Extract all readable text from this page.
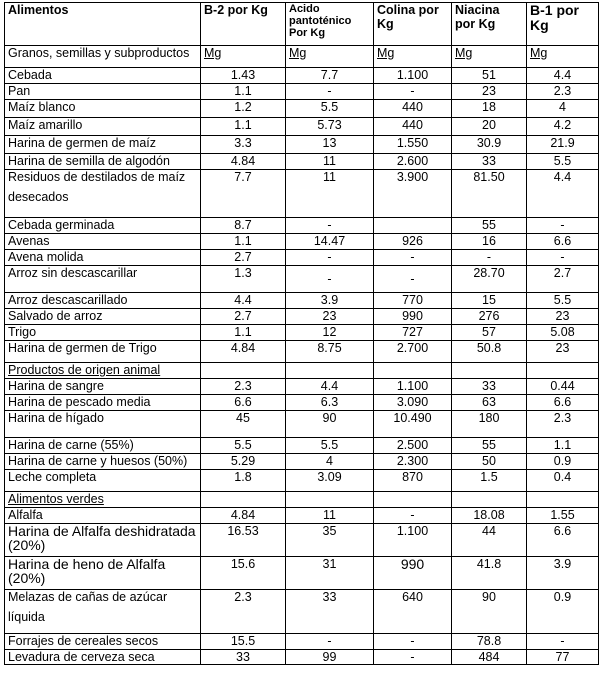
Alimentos	B-2 por Kg	Acido pantoténico Por Kg	Colina por Kg	Niacina por Kg	B-1 por Kg
Granos, semillas y subproductos	Mg	Mg	Mg	Mg	Mg
Cebada	1.43	7.7	1.100	51	4.4
Pan	1.1	-	-	23	2.3
Maíz blanco	1.2	5.5	440	18	4
Maíz amarillo	1.1	5.73	440	20	4.2
Harina de germen de maíz	3.3	13	1.550	30.9	21.9
Harina de semilla de algodón	4.84	11	2.600	33	5.5
Residuos de destilados de maíz
desecados	7.7	11	3.900	81.50	4.4
Cebada germinada	8.7	-		55	-

Avenas	1.1	14.47	926	16	6.6
Avena molida	2.7	-	-	-	-
Arroz sin descascarillar	1.3	-	-	28.70	2.7
Arroz descascarillado	4.4	3.9	770	15	5.5
Salvado de arroz	2.7	23	990	276	23
Trigo	1.1	12	727	57	5.08
Harina de germen de Trigo	4.84	8.75	2.700	50.8	23
Productos de origen animal					
Harina de sangre	2.3	4.4	1.100	33	0.44
Harina de pescado media	6.6	6.3	3.090	63	6.6
Harina de hígado	45	90	10.490	180	2.3
Harina de carne (55%)	5.5	5.5	2.500	55	1.1
Harina de carne y huesos (50%)	5.29	4	2.300	50	0.9
Leche completa	1.8	3.09	870	1.5	0.4
Alimentos verdes					
Alfalfa	4.84	11	-	18.08	1.55
Harina de Alfalfa deshidratada (20%)	16.53	35	1.100	44	6.6
Harina de heno de Alfalfa (20%)	15.6	31	990	41.8	3.9
Melazas de cañas de azúcar
líquida	2.3	33	640	90	0.9
Forrajes de cereales secos	15.5	-	-	78.8	-
Levadura de cerveza seca	33	99	-	484	77
